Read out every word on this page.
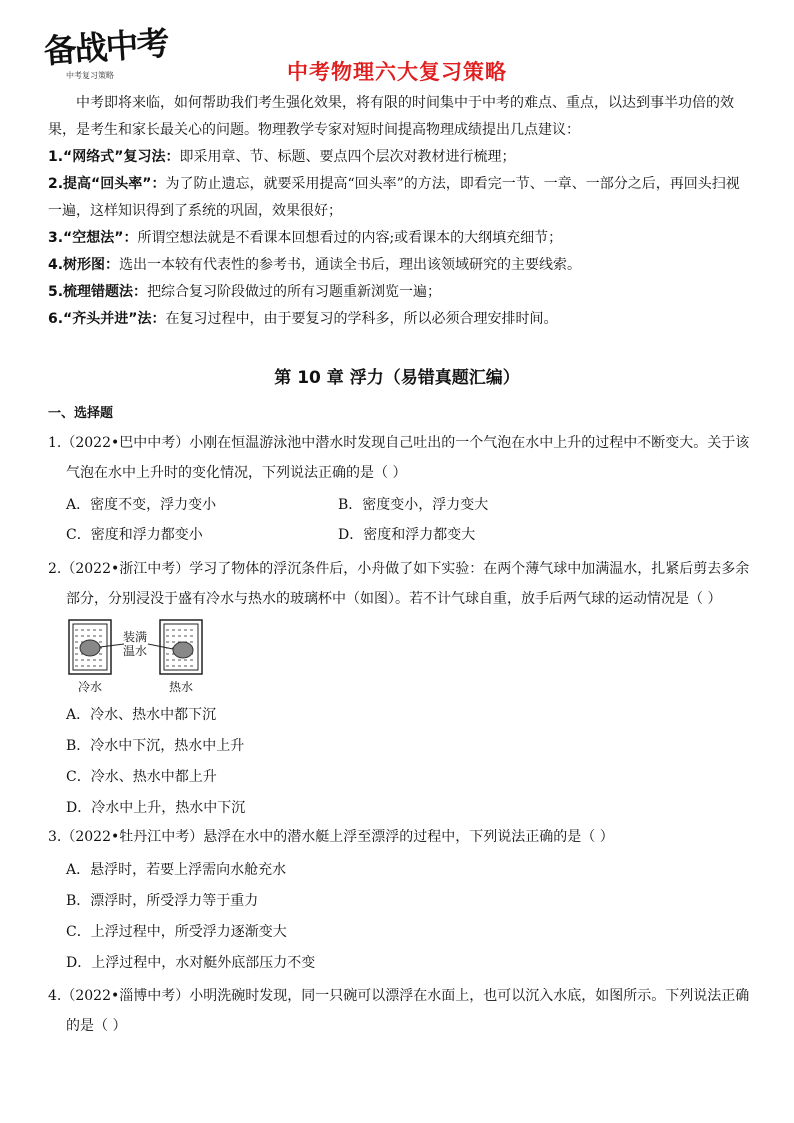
备战中考
中考复习策略	中考物理六大复习策略

中考即将来临，如何帮助我们考生强化效果，将有限的时间集中于中考的难点、重点，以达到事半功倍的效果，是考生和家长最关心的问题。物理教学专家对短时间提高物理成绩提出几点建议：

1.“网络式”复习法：即采用章、节、标题、要点四个层次对教材进行梳理；

2.提高“回头率”：为了防止遗忘，就要采用提高“回头率”的方法，即看完一节、一章、一部分之后，再回头扫视一遍，这样知识得到了系统的巩固，效果很好；

3.“空想法”：所谓空想法就是不看课本回想看过的内容;或看课本的大纲填充细节；

4.树形图：选出一本较有代表性的参考书，通读全书后，理出该领域研究的主要线索。

5.梳理错题法：把综合复习阶段做过的所有习题重新浏览一遍；

6.“齐头并进”法：在复习过程中，由于要复习的学科多，所以必须合理安排时间。

第 10 章 浮力（易错真题汇编）
一、选择题
1.（2022•巴中中考）小刚在恒温游泳池中潜水时发现自己吐出的一个气泡在水中上升的过程中不断变大。关于该
气泡在水中上升时的变化情况，下列说法正确的是（ ）
A．密度不变，浮力变小	B．密度变小，浮力变大
C．密度和浮力都变小	D．密度和浮力都变大
2.（2022•浙江中考）学习了物体的浮沉条件后，小舟做了如下实验：在两个薄气球中加满温水，扎紧后剪去多余
部分，分别浸没于盛有冷水与热水的玻璃杯中（如图）。若不计气球自重，放手后两气球的运动情况是（ ）
装满
温水
冷水	热水
A．冷水、热水中都下沉
B．冷水中下沉，热水中上升
C．冷水、热水中都上升
D．冷水中上升，热水中下沉
3.（2022•牡丹江中考）悬浮在水中的潜水艇上浮至漂浮的过程中，下列说法正确的是（ ）
A．悬浮时，若要上浮需向水舱充水
B．漂浮时，所受浮力等于重力
C．上浮过程中，所受浮力逐渐变大
D．上浮过程中，水对艇外底部压力不变
4.（2022•淄博中考）小明洗碗时发现，同一只碗可以漂浮在水面上，也可以沉入水底，如图所示。下列说法正确
的是（ ）
